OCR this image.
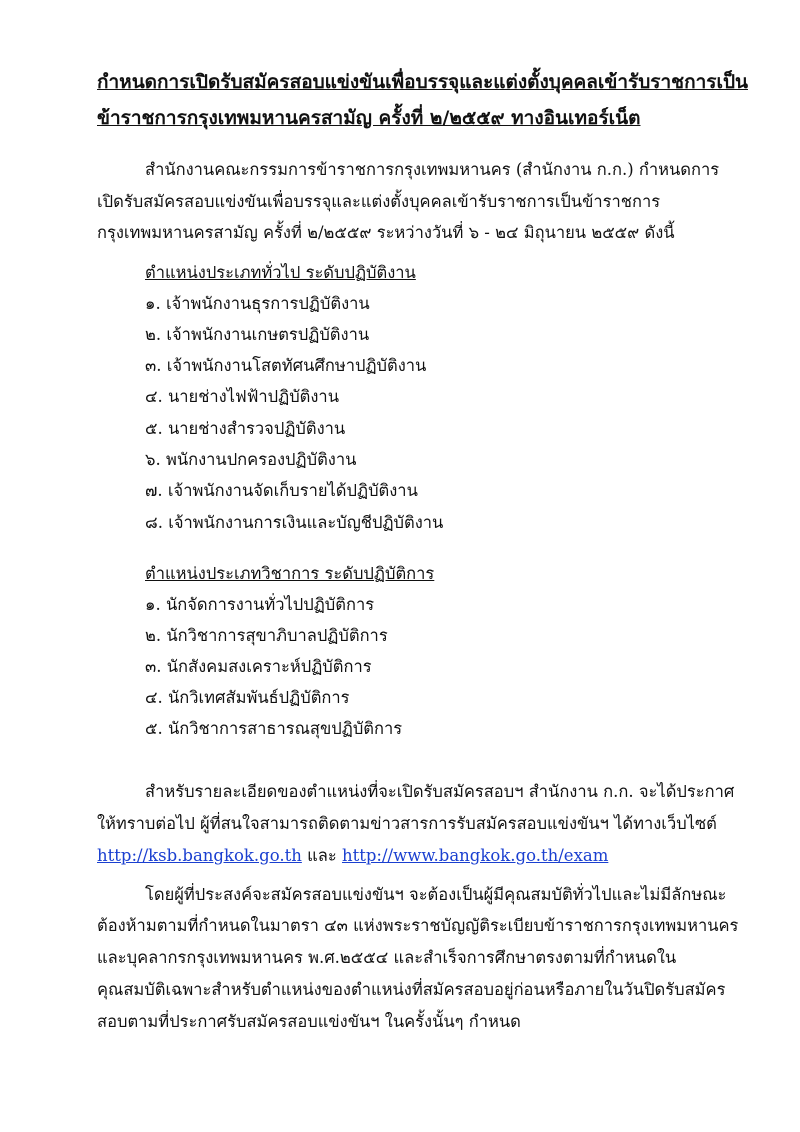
กำหนดการเปิดรับสมัครสอบแข่งขันเพื่อบรรจุและแต่งตั้งบุคคลเข้ารับราชการเป็น
ข้าราชการกรุงเทพมหานครสามัญ ครั้งที่ ๒/๒๕๕๙ ทางอินเทอร์เน็ต
สำนักงานคณะกรรมการข้าราชการกรุงเทพมหานคร (สำนักงาน ก.ก.) กำหนดการ
เปิดรับสมัครสอบแข่งขันเพื่อบรรจุและแต่งตั้งบุคคลเข้ารับราชการเป็นข้าราชการ
กรุงเทพมหานครสามัญ ครั้งที่ ๒/๒๕๕๙ ระหว่างวันที่ ๖ - ๒๔ มิถุนายน ๒๕๕๙ ดังนี้
ตำแหน่งประเภททั่วไป ระดับปฏิบัติงาน
๑. เจ้าพนักงานธุรการปฏิบัติงาน
๒. เจ้าพนักงานเกษตรปฏิบัติงาน
๓. เจ้าพนักงานโสตทัศนศึกษาปฏิบัติงาน
๔. นายช่างไฟฟ้าปฏิบัติงาน
๕. นายช่างสำรวจปฏิบัติงาน
๖. พนักงานปกครองปฏิบัติงาน
๗. เจ้าพนักงานจัดเก็บรายได้ปฏิบัติงาน
๘. เจ้าพนักงานการเงินและบัญชีปฏิบัติงาน
ตำแหน่งประเภทวิชาการ ระดับปฏิบัติการ
๑. นักจัดการงานทั่วไปปฏิบัติการ
๒. นักวิชาการสุขาภิบาลปฏิบัติการ
๓. นักสังคมสงเคราะห์ปฏิบัติการ
๔. นักวิเทศสัมพันธ์ปฏิบัติการ
๕. นักวิชาการสาธารณสุขปฏิบัติการ
สำหรับรายละเอียดของตำแหน่งที่จะเปิดรับสมัครสอบฯ สำนักงาน ก.ก. จะได้ประกาศ
ให้ทราบต่อไป ผู้ที่สนใจสามารถติดตามข่าวสารการรับสมัครสอบแข่งขันฯ ได้ทางเว็บไซต์
http://ksb.bangkok.go.th และ http://www.bangkok.go.th/exam
โดยผู้ที่ประสงค์จะสมัครสอบแข่งขันฯ จะต้องเป็นผู้มีคุณสมบัติทั่วไปและไม่มีลักษณะ
ต้องห้ามตามที่กำหนดในมาตรา ๔๓ แห่งพระราชบัญญัติระเบียบข้าราชการกรุงเทพมหานคร
และบุคลากรกรุงเทพมหานคร พ.ศ.๒๕๕๔ และสำเร็จการศึกษาตรงตามที่กำหนดใน
คุณสมบัติเฉพาะสำหรับตำแหน่งของตำแหน่งที่สมัครสอบอยู่ก่อนหรือภายในวันปิดรับสมัคร
สอบตามที่ประกาศรับสมัครสอบแข่งขันฯ ในครั้งนั้นๆ กำหนด
